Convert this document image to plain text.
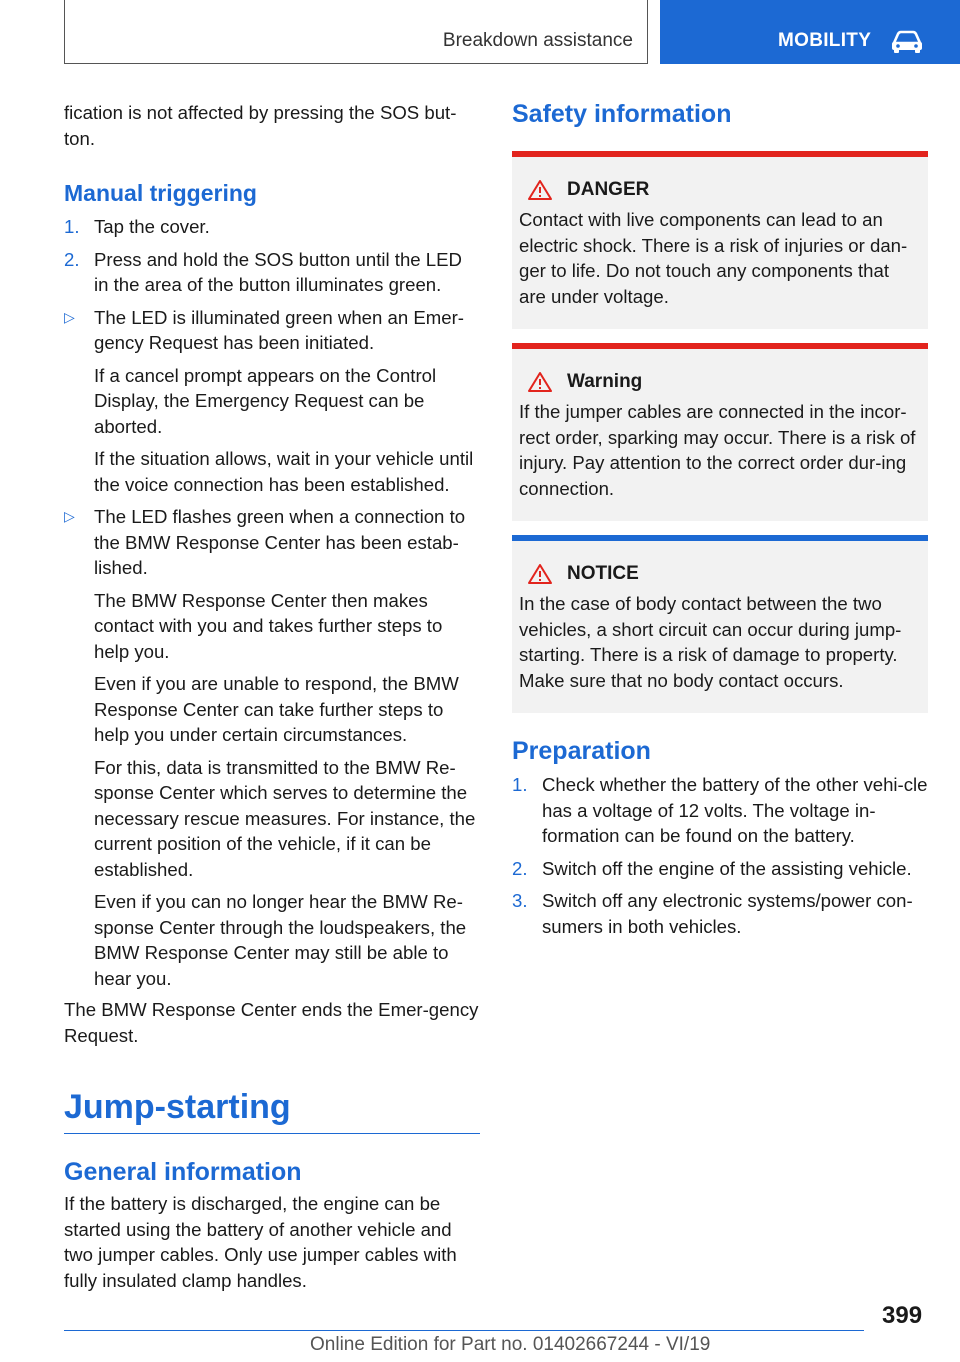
Breakdown assistance	MOBILITY

fication is not affected by pressing the SOS but-ton.

Manual triggering
1. Tap the cover.
2. Press and hold the SOS button until the LED in the area of the button illuminates green.
▷	The LED is illuminated green when an Emer-gency Request has been initiated.

If a cancel prompt appears on the Control Display, the Emergency Request can be aborted.

If the situation allows, wait in your vehicle until the voice connection has been established.

▷	The LED flashes green when a connection to the BMW Response Center has been estab-lished.

The BMW Response Center then makes contact with you and takes further steps to help you.

Even if you are unable to respond, the BMW Response Center can take further steps to help you under certain circumstances.

For this, data is transmitted to the BMW Re-sponse Center which serves to determine the necessary rescue measures. For instance, the current position of the vehicle, if it can be established.

Even if you can no longer hear the BMW Re-sponse Center through the loudspeakers, the BMW Response Center may still be able to hear you.

The BMW Response Center ends the Emer-gency Request.

Jump-starting
General information

If the battery is discharged, the engine can be started using the battery of another vehicle and two jumper cables. Only use jumper cables with fully insulated clamp handles.

Safety information
DANGER

Contact with live components can lead to an electric shock. There is a risk of injuries or dan-ger to life. Do not touch any components that are under voltage.

Warning

If the jumper cables are connected in the incor-rect order, sparking may occur. There is a risk of injury. Pay attention to the correct order dur-ing connection.

NOTICE

In the case of body contact between the two vehicles, a short circuit can occur during jump-starting. There is a risk of damage to property. Make sure that no body contact occurs.

Preparation
1. Check whether the battery of the other vehi-cle has a voltage of 12 volts. The voltage in-formation can be found on the battery.
2. Switch off the engine of the assisting vehicle.
3. Switch off any electronic systems/power con-sumers in both vehicles.
399
Online Edition for Part no. 01402667244 - VI/19
